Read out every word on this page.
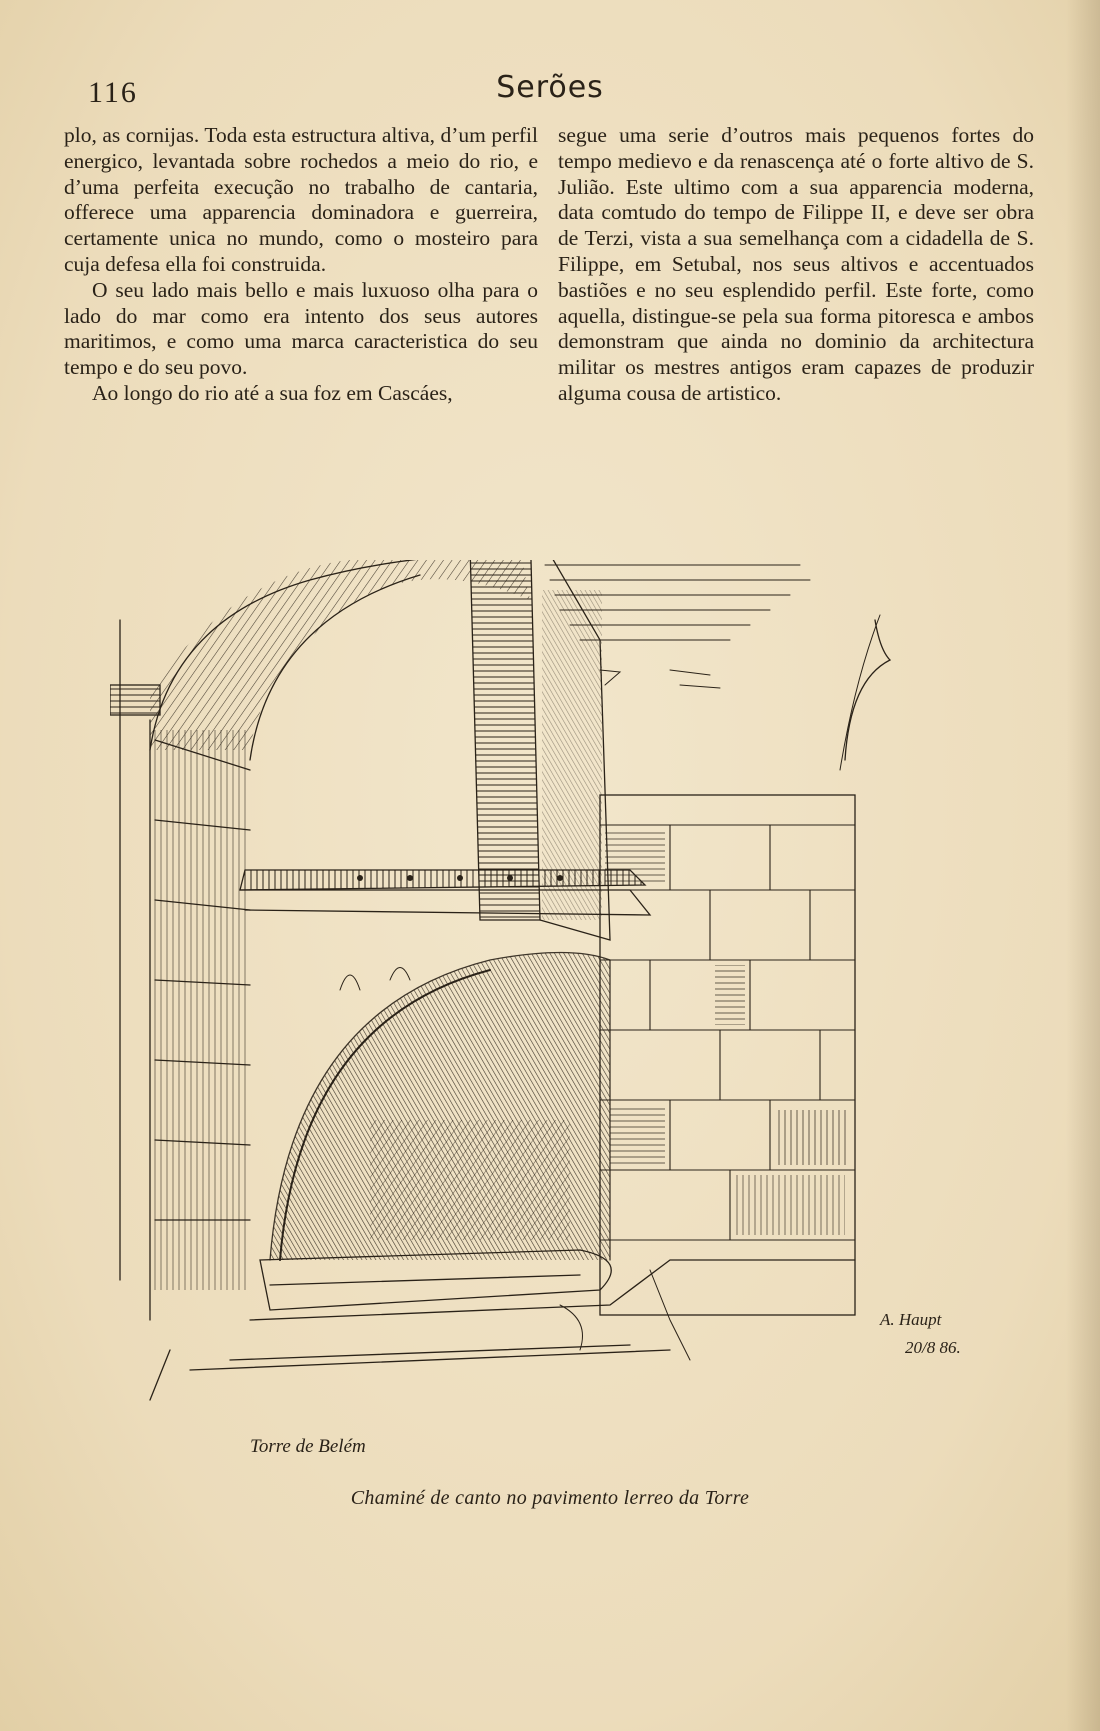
116	Serões

plo, as cornijas. Toda esta estructura altiva, d’um perfil energico, levantada sobre rochedos a meio do rio, e d’uma perfeita execução no trabalho de cantaria, offerece uma apparencia dominadora e guerreira, certamente unica no mundo, como o mosteiro para cuja defesa ella foi construida.

O seu lado mais bello e mais luxuoso olha para o lado do mar como era intento dos seus autores maritimos, e como uma marca caracteristica do seu tempo e do seu povo.

Ao longo do rio até a sua foz em Cascáes,

segue uma serie d’outros mais pequenos fortes do tempo medievo e da renascença até o forte altivo de S. Julião. Este ultimo com a sua apparencia moderna, data comtudo do tempo de Filippe II, e deve ser obra de Terzi, vista a sua semelhança com a cidadella de S. Filippe, em Setubal, nos seus altivos e accentuados bastiões e no seu esplendido perfil. Este forte, como aquella, distingue-se pela sua forma pitoresca e ambos demonstram que ainda no dominio da architectura militar os mestres antigos eram capazes de produzir alguma cousa de artistico.

Torre de Belém
A. Haupt
20/8 86.
Chaminé de canto no pavimento lerreo da Torre
